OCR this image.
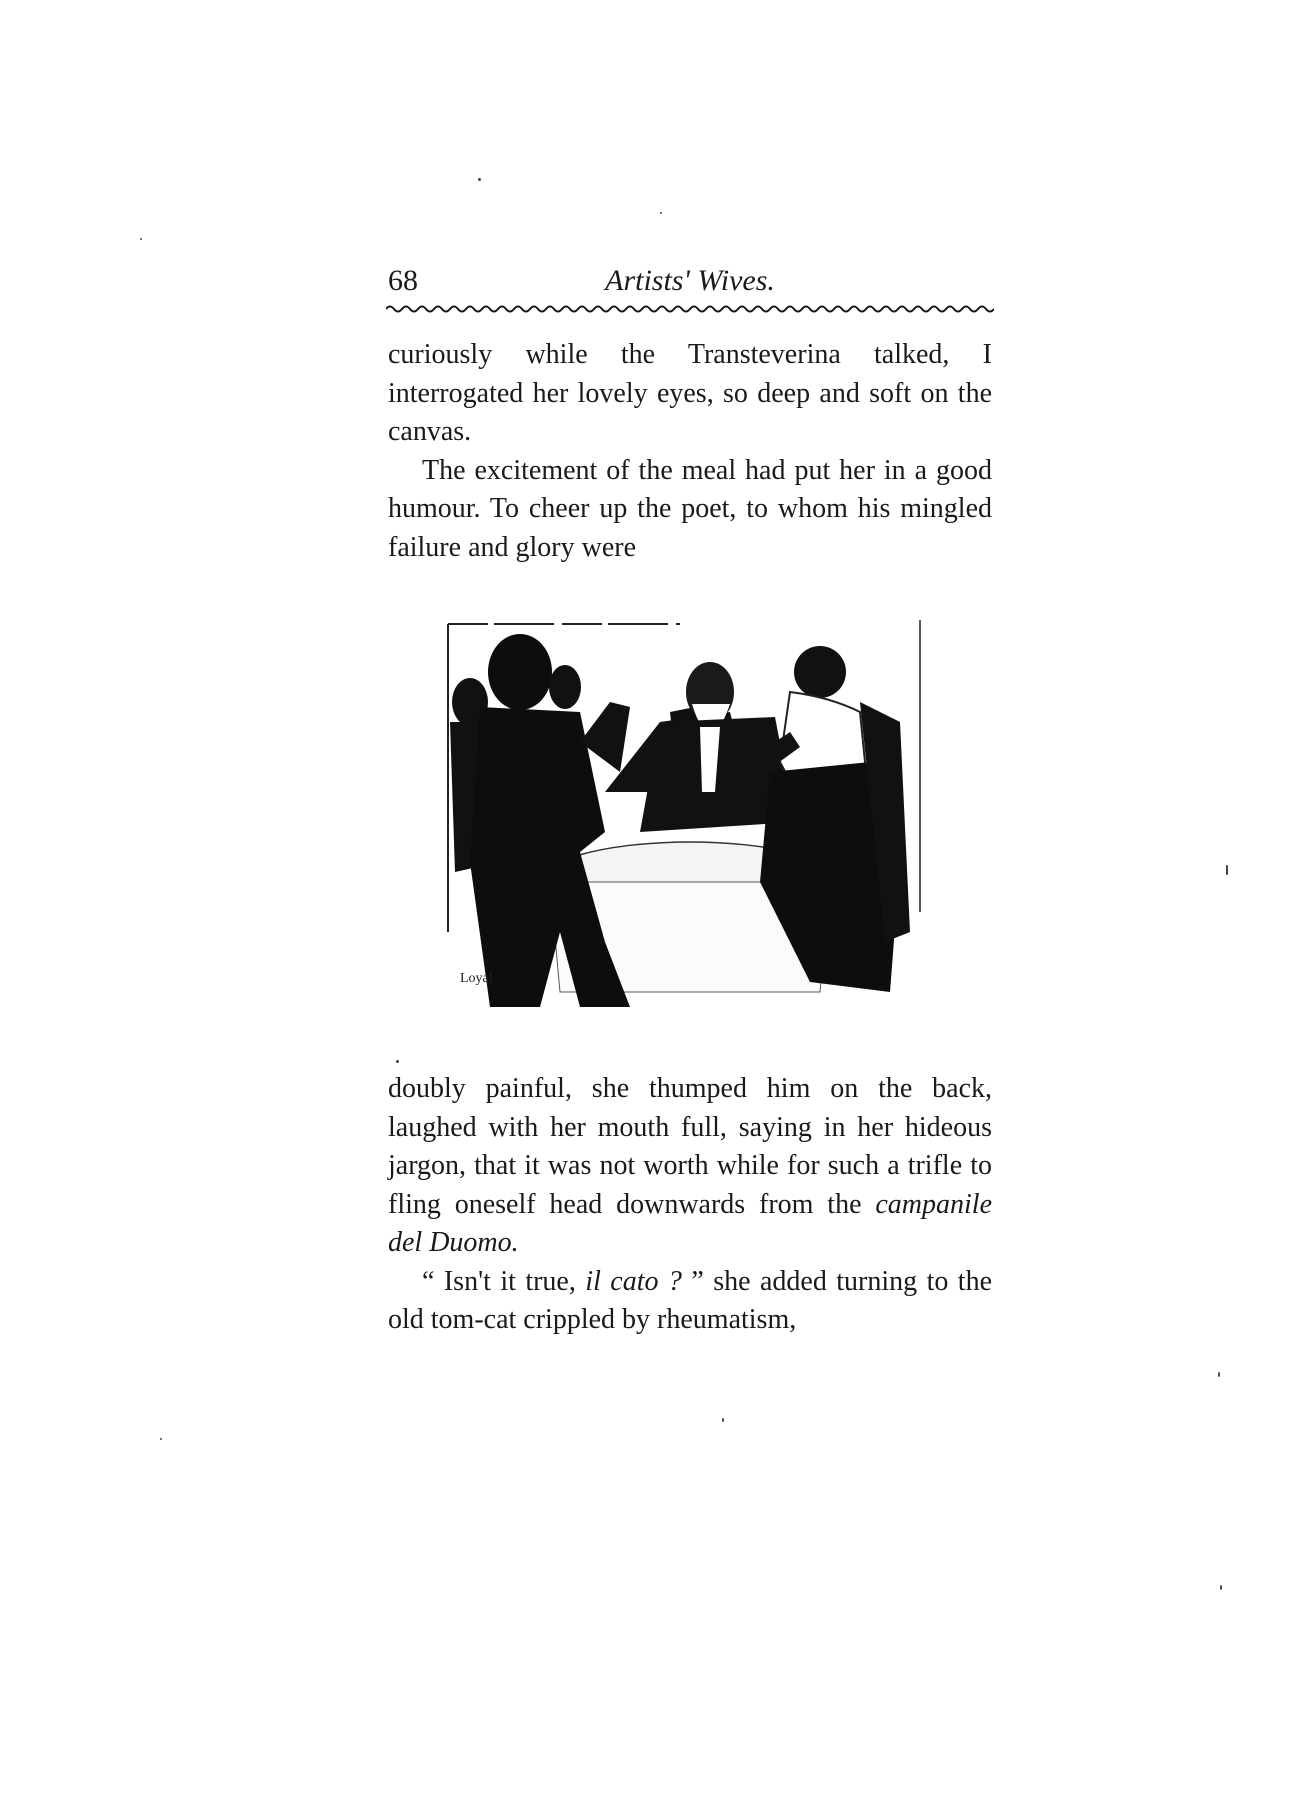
68	Artists' Wives.

curiously while the Transteverina talked, I interrogated her lovely eyes, so deep and soft on the canvas.

The excitement of the meal had put her in a good humour. To cheer up the poet, to whom his mingled failure and glory were

Loyal

doubly painful, she thumped him on the back, laughed with her mouth full, saying in her hideous jargon, that it was not worth while for such a trifle to fling oneself head downwards from the campanile del Duomo.

“ Isn't it true, il cato ? ” she added turning to the old tom-cat crippled by rheumatism,
